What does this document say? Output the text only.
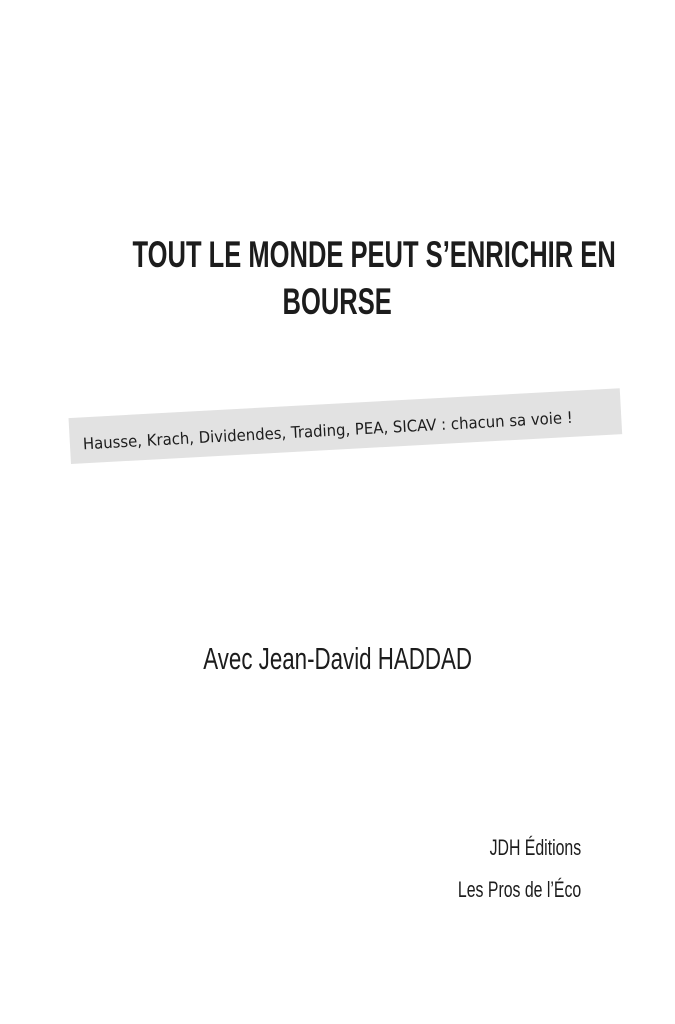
TOUT LE MONDE PEUT S’ENRICHIR EN
BOURSE
Hausse, Krach, Dividendes, Trading, PEA, SICAV : chacun sa voie !
Avec Jean-David HADDAD
JDH Éditions
Les Pros de l’Éco
